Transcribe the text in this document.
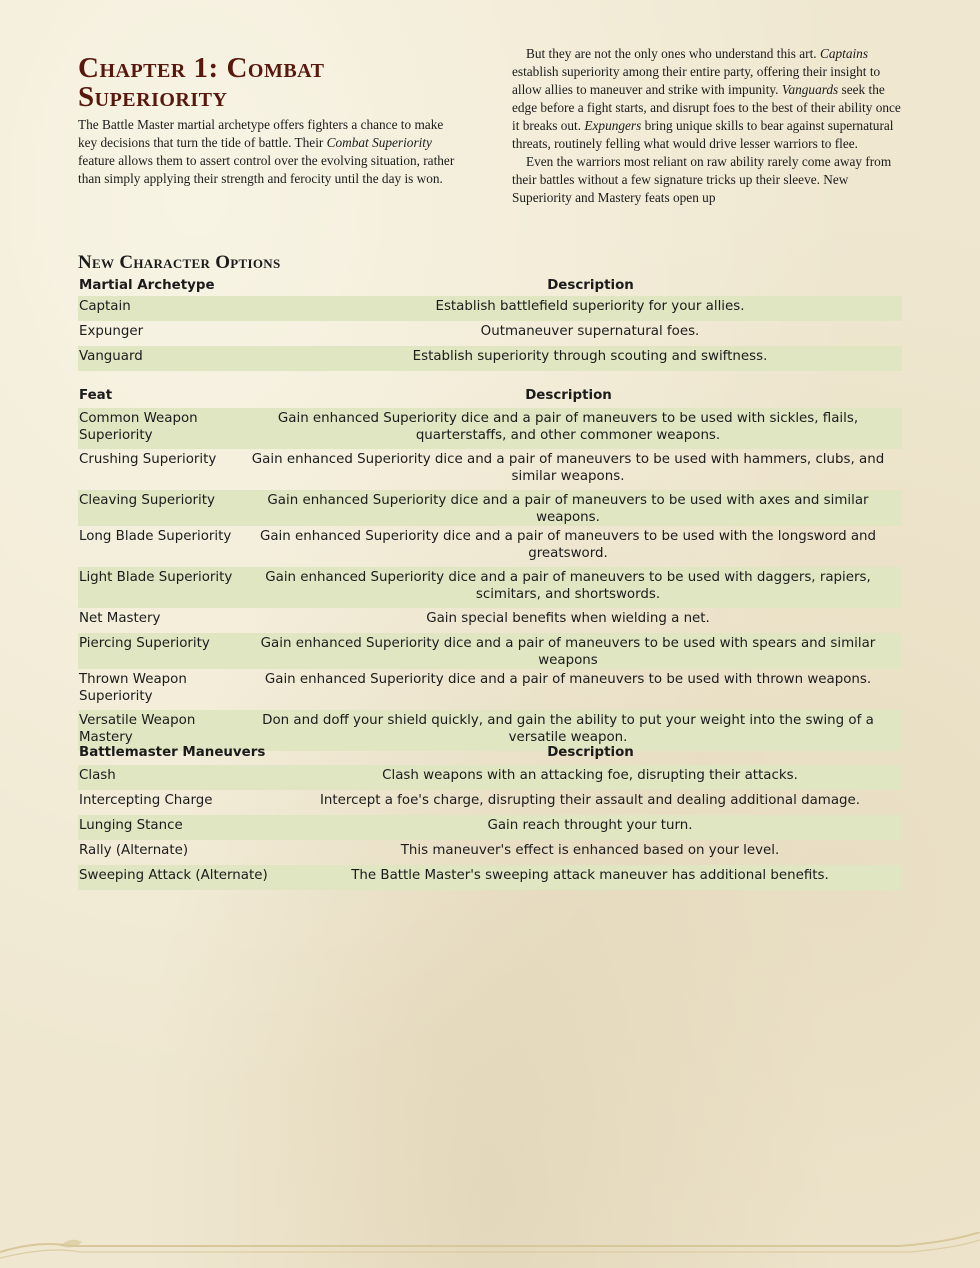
Chapter 1: Combat
Superiority

The Battle Master martial archetype offers fighters a chance to make key decisions that turn the tide of battle. Their Combat Superiority feature allows them to assert control over the evolving situation, rather than simply applying their strength and ferocity until the day is won.

But they are not the only ones who understand this art. Captains establish superiority among their entire party, offering their insight to allow allies to maneuver and strike with impunity. Vanguards seek the edge before a fight starts, and disrupt foes to the best of their ability once it breaks out. Expungers bring unique skills to bear against supernatural threats, routinely felling what would drive lesser warriors to flee.

Even the warriors most reliant on raw ability rarely come away from their battles without a few signature tricks up their sleeve. New Superiority and Mastery feats open up

New Character Options
Martial Archetype	Description
Captain	Establish battlefield superiority for your allies.
Expunger	Outmaneuver supernatural foes.
Vanguard	Establish superiority through scouting and swiftness.
Feat	Description
Common Weapon Superiority	Gain enhanced Superiority dice and a pair of maneuvers to be used with sickles, flails, quarterstaffs, and other commoner weapons.
Crushing Superiority	Gain enhanced Superiority dice and a pair of maneuvers to be used with hammers, clubs, and similar weapons.
Cleaving Superiority	Gain enhanced Superiority dice and a pair of maneuvers to be used with axes and similar weapons.
Long Blade Superiority	Gain enhanced Superiority dice and a pair of maneuvers to be used with the longsword and greatsword.
Light Blade Superiority	Gain enhanced Superiority dice and a pair of maneuvers to be used with daggers, rapiers, scimitars, and shortswords.
Net Mastery	Gain special benefits when wielding a net.
Piercing Superiority	Gain enhanced Superiority dice and a pair of maneuvers to be used with spears and similar weapons
Thrown Weapon Superiority	Gain enhanced Superiority dice and a pair of maneuvers to be used with thrown weapons.
Versatile Weapon Mastery	Don and doff your shield quickly, and gain the ability to put your weight into the swing of a versatile weapon.
Battlemaster Maneuvers	Description
Clash	Clash weapons with an attacking foe, disrupting their attacks.
Intercepting Charge	Intercept a foe's charge, disrupting their assault and dealing additional damage.
Lunging Stance	Gain reach throught your turn.
Rally (Alternate)	This maneuver's effect is enhanced based on your level.
Sweeping Attack (Alternate)	The Battle Master's sweeping attack maneuver has additional benefits.
